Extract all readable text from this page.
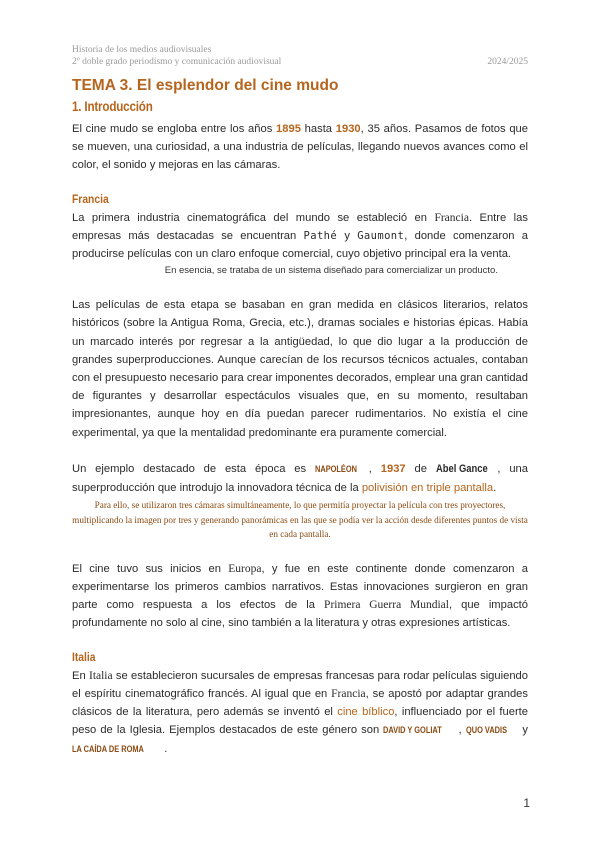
Historia de los medios audiovisuales
2º doble grado periodismo y comunicación audiovisual	2024/2025
TEMA 3. El esplendor del cine mudo
1. Introducción

El cine mudo se engloba entre los años 1895 hasta 1930, 35 años. Pasamos de fotos que se mueven, una curiosidad, a una industria de películas, llegando nuevos avances como el color, el sonido y mejoras en las cámaras.

Francia

La primera industria cinematográfica del mundo se estableció en Francia. Entre las empresas más destacadas se encuentran Pathé y Gaumont, donde comenzaron a producirse películas con un claro enfoque comercial, cuyo objetivo principal era la venta.

En esencia, se trataba de un sistema diseñado para comercializar un producto.

Las películas de esta etapa se basaban en gran medida en clásicos literarios, relatos históricos (sobre la Antigua Roma, Grecia, etc.), dramas sociales e historias épicas. Había un marcado interés por regresar a la antigüedad, lo que dio lugar a la producción de grandes superproducciones. Aunque carecían de los recursos técnicos actuales, contaban con el presupuesto necesario para crear imponentes decorados, emplear una gran cantidad de figurantes y desarrollar espectáculos visuales que, en su momento, resultaban impresionantes, aunque hoy en día puedan parecer rudimentarios. No existía el cine experimental, ya que la mentalidad predominante era puramente comercial.

Un ejemplo destacado de esta época es NAPOLÉON , 1937 de Abel Gance , una superproducción que introdujo la innovadora técnica de la polivisión en triple pantalla.

Para ello, se utilizaron tres cámaras simultáneamente, lo que permitía proyectar la película con tres proyectores, multiplicando la imagen por tres y generando panorámicas en las que se podía ver la acción desde diferentes puntos de vista en cada pantalla.

El cine tuvo sus inicios en Europa, y fue en este continente donde comenzaron a experimentarse los primeros cambios narrativos. Estas innovaciones surgieron en gran parte como respuesta a los efectos de la Primera Guerra Mundial, que impactó profundamente no solo al cine, sino también a la literatura y otras expresiones artísticas.

Italia

En Italia se establecieron sucursales de empresas francesas para rodar películas siguiendo el espíritu cinematográfico francés. Al igual que en Francia, se apostó por adaptar grandes clásicos de la literatura, pero además se inventó el cine bíblico, influenciado por el fuerte peso de la Iglesia. Ejemplos destacados de este género son DAVID Y GOLIAT , QUO VADIS y LA CAÍDA DE ROMA .

1
